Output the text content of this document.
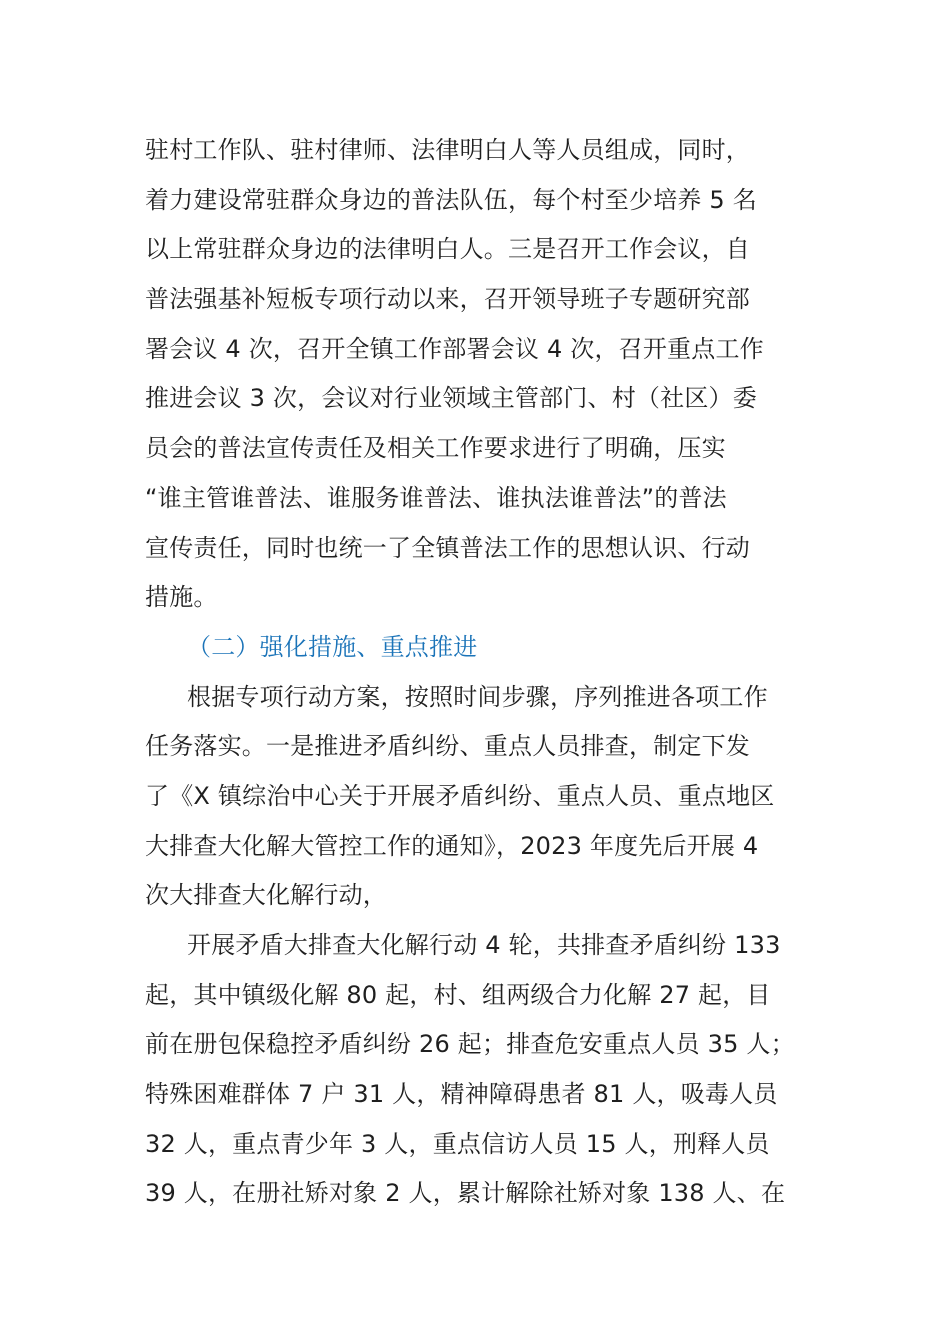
驻村工作队、驻村律师、法律明白人等人员组成，同时，
着力建设常驻群众身边的普法队伍，每个村至少培养 5 名
以上常驻群众身边的法律明白人。三是召开工作会议，自
普法强基补短板专项行动以来，召开领导班子专题研究部
署会议 4 次，召开全镇工作部署会议 4 次，召开重点工作
推进会议 3 次，会议对行业领域主管部门、村（社区）委
员会的普法宣传责任及相关工作要求进行了明确，压实
“谁主管谁普法、谁服务谁普法、谁执法谁普法”的普法
宣传责任，同时也统一了全镇普法工作的思想认识、行动
措施。
（二）强化措施、重点推进
根据专项行动方案，按照时间步骤，序列推进各项工作
任务落实。一是推进矛盾纠纷、重点人员排查，制定下发
了《X 镇综治中心关于开展矛盾纠纷、重点人员、重点地区
大排查大化解大管控工作的通知》，2023 年度先后开展 4
次大排查大化解行动，
开展矛盾大排查大化解行动 4 轮，共排查矛盾纠纷 133
起，其中镇级化解 80 起，村、组两级合力化解 27 起，目
前在册包保稳控矛盾纠纷 26 起；排查危安重点人员 35 人；
特殊困难群体 7 户 31 人，精神障碍患者 81 人，吸毒人员
32 人，重点青少年 3 人，重点信访人员 15 人，刑释人员
39 人，在册社矫对象 2 人，累计解除社矫对象 138 人、在
